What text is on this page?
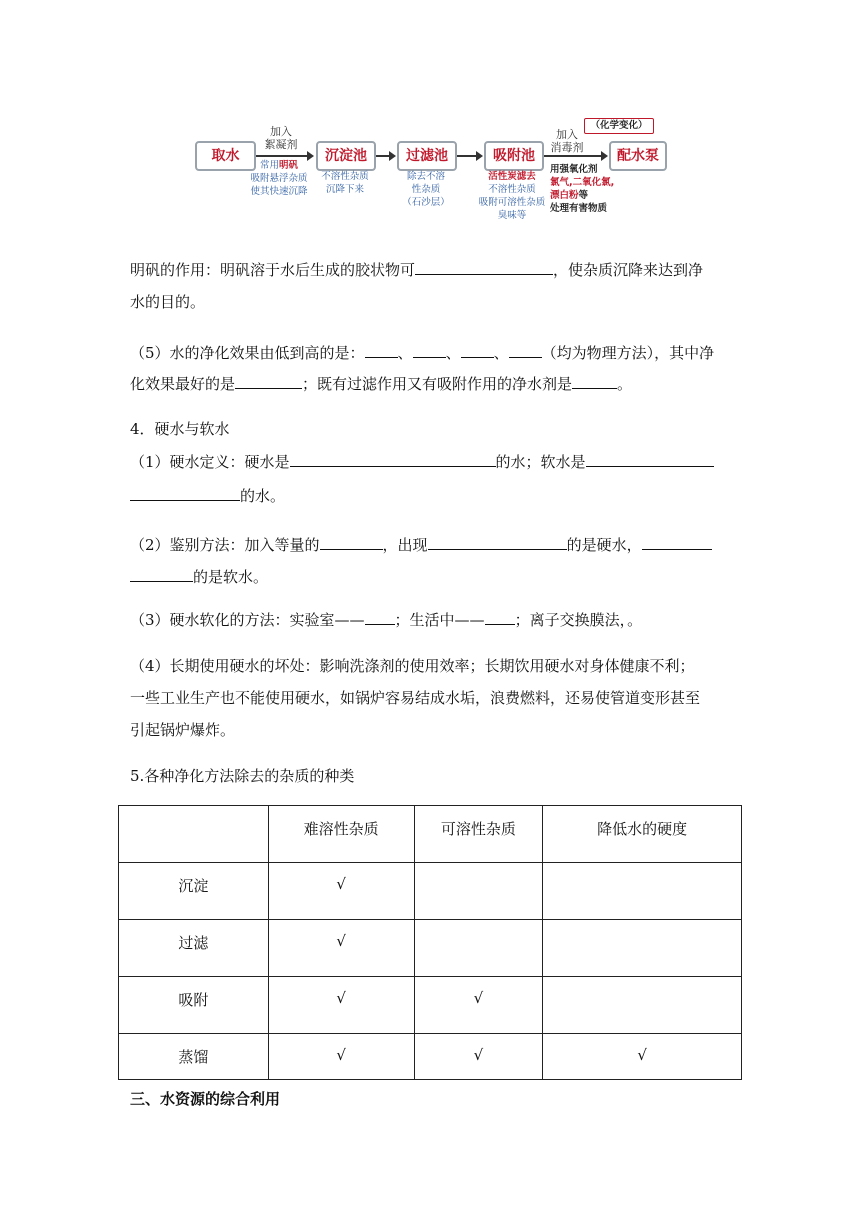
取水	沉淀池	过滤池	吸附池	配水泵
加入
絮凝剂
加入
消毒剂
（化学变化）
常用明矾
吸附悬浮杂质
使其快速沉降
不溶性杂质
沉降下来
除去不溶
性杂质
（石沙层）
活性炭滤去
不溶性杂质
吸附可溶性杂质
臭味等
用强氧化剂
氯气,二氧化氯,
漂白粉等
处理有害物质
明矾的作用：明矾溶于水后生成的胶状物可	，使杂质沉降来达到净
水的目的。
（5）水的净化效果由低到高的是： 、 、 、 （均为物理方法），其中净
化效果最好的是	；既有过滤作用又有吸附作用的净水剂是	。
4．硬水与软水
（1）硬水定义：硬水是	的水；软水是
的水。
（2）鉴别方法：加入等量的	，出现	的是硬水，
的是软水。
（3）硬水软化的方法：实验室—— ；生活中—— ；离子交换膜法，。
（4）长期使用硬水的坏处：影响洗涤剂的使用效率；长期饮用硬水对身体健康不利；
一些工业生产也不能使用硬水，如锅炉容易结成水垢，浪费燃料，还易使管道变形甚至
引起锅炉爆炸。
5.各种净化方法除去的杂质的种类
	难溶性杂质	可溶性杂质	降低水的硬度
沉淀	√		
过滤	√		
吸附	√	√	
蒸馏	√	√	√
三、水资源的综合利用
